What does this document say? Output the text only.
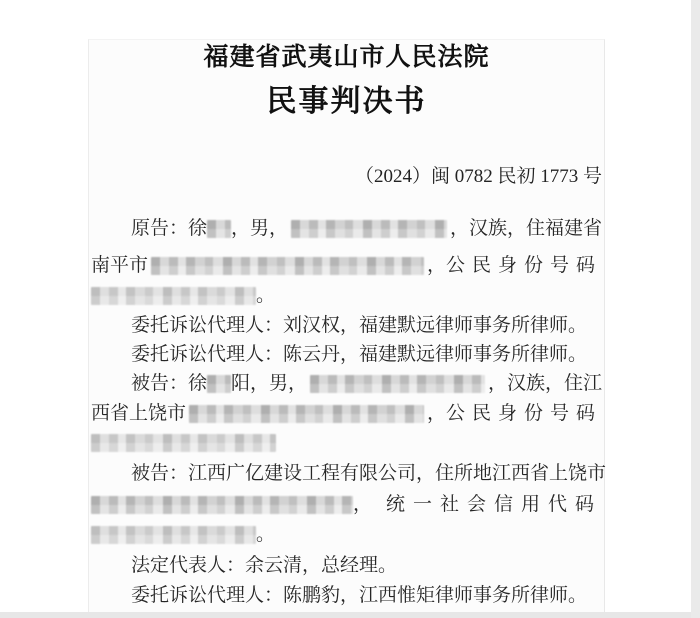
福建省武夷山市人民法院
民事判决书
（2024）闽 0782 民初 1773 号
原告：徐 ，男，	，汉族，住福建省
南平市	， 公民身份号码
。
委托诉讼代理人：刘汉权，福建默远律师事务所律师。
委托诉讼代理人：陈云丹，福建默远律师事务所律师。
被告：徐 阳，男，	，汉族，住江
西省上饶市	， 公民身份号码
被告：江西广亿建设工程有限公司，住所地江西省上饶市
， 统一社会信用代码
。
法定代表人：余云清，总经理。
委托诉讼代理人：陈鹏豹，江西惟矩律师事务所律师。
